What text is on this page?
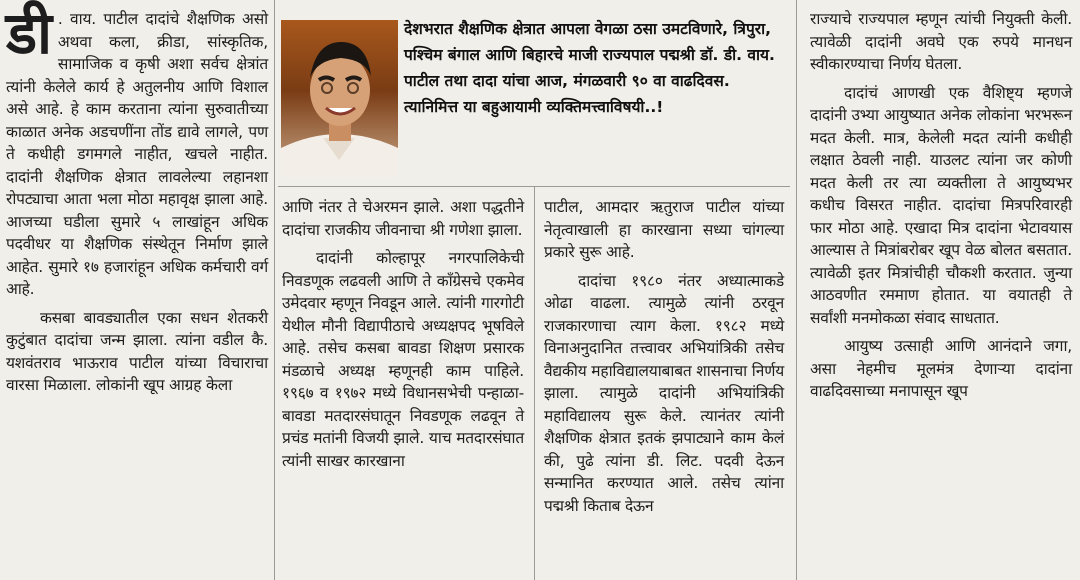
डी . वाय. पाटील दादांचे शैक्षणिक असो अथवा कला, क्रीडा, सांस्कृतिक, सामाजिक व कृषी अशा सर्वच क्षेत्रांत त्यांनी केलेले कार्य हे अतुलनीय आणि विशाल असे आहे. हे काम करताना त्यांना सुरुवातीच्या काळात अनेक अडचणींना तोंड द्यावे लागले, पण ते कधीही डगमगले नाहीत, खचले नाहीत. दादांनी शैक्षणिक क्षेत्रात लावलेल्या लहानशा रोपट्याचा आता भला मोठा महावृक्ष झाला आहे. आजच्या घडीला सुमारे ५ लाखांहून अधिक पदवीधर या शैक्षणिक संस्थेतून निर्माण झाले आहेत. सुमारे १७ हजारांहून अधिक कर्मचारी वर्ग आहे.

कसबा बावड्यातील एका सधन शेतकरी कुटुंबात दादांचा जन्म झाला. त्यांना वडील कै. यशवंतराव भाऊराव पाटील यांच्या विचाराचा वारसा मिळाला. लोकांनी खूप आग्रह केला

देशभरात शैक्षणिक क्षेत्रात आपला वेगळा ठसा उमटविणारे, त्रिपुरा, पश्चिम बंगाल आणि बिहारचे माजी राज्यपाल पद्मश्री डॉ. डी. वाय. पाटील तथा दादा यांचा आज, मंगळवारी ९० वा वाढदिवस. त्यानिमित्त या बहुआयामी व्यक्तिमत्त्वाविषयी..!

आणि नंतर ते चेअरमन झाले. अशा पद्धतीने दादांचा राजकीय जीवनाचा श्री गणेशा झाला.

दादांनी कोल्हापूर नगरपालिकेची निवडणूक लढवली आणि ते काँग्रेसचे एकमेव उमेदवार म्हणून निवडून आले. त्यांनी गारगोटी येथील मौनी विद्यापीठाचे अध्यक्षपद भूषविले आहे. तसेच कसबा बावडा शिक्षण प्रसारक मंडळाचे अध्यक्ष म्हणूनही काम पाहिले. १९६७ व १९७२ मध्ये विधानसभेची पन्हाळा-बावडा मतदारसंघातून निवडणूक लढवून ते प्रचंड मतांनी विजयी झाले. याच मतदारसंघात त्यांनी साखर कारखाना

पाटील, आमदार ऋतुराज पाटील यांच्या नेतृत्वाखाली हा कारखाना सध्या चांगल्या प्रकारे सुरू आहे.

दादांचा १९८० नंतर अध्यात्माकडे ओढा वाढला. त्यामुळे त्यांनी ठरवून राजकारणाचा त्याग केला. १९८२ मध्ये विनाअनुदानित तत्त्वावर अभियांत्रिकी तसेच वैद्यकीय महाविद्यालयाबाबत शासनाचा निर्णय झाला. त्यामुळे दादांनी अभियांत्रिकी महाविद्यालय सुरू केले. त्यानंतर त्यांनी शैक्षणिक क्षेत्रात इतकं झपाट्याने काम केलं की, पुढे त्यांना डी. लिट. पदवी देऊन सन्मानित करण्यात आले. तसेच त्यांना पद्मश्री किताब देऊन

राज्याचे राज्यपाल म्हणून त्यांची नियुक्ती केली. त्यावेळी दादांनी अवघे एक रुपये मानधन स्वीकारण्याचा निर्णय घेतला.

दादांचं आणखी एक वैशिष्ट्य म्हणजे दादांनी उभ्या आयुष्यात अनेक लोकांना भरभरून मदत केली. मात्र, केलेली मदत त्यांनी कधीही लक्षात ठेवली नाही. याउलट त्यांना जर कोणी मदत केली तर त्या व्यक्तीला ते आयुष्यभर कधीच विसरत नाहीत. दादांचा मित्रपरिवारही फार मोठा आहे. एखादा मित्र दादांना भेटावयास आल्यास ते मित्रांबरोबर खूप वेळ बोलत बसतात. त्यावेळी इतर मित्रांचीही चौकशी करतात. जुन्या आठवणीत रममाण होतात. या वयातही ते सर्वांशी मनमोकळा संवाद साधतात.

आयुष्य उत्साही आणि आनंदाने जगा, असा नेहमीच मूलमंत्र देणाऱ्या दादांना वाढदिवसाच्या मनापासून खूप
